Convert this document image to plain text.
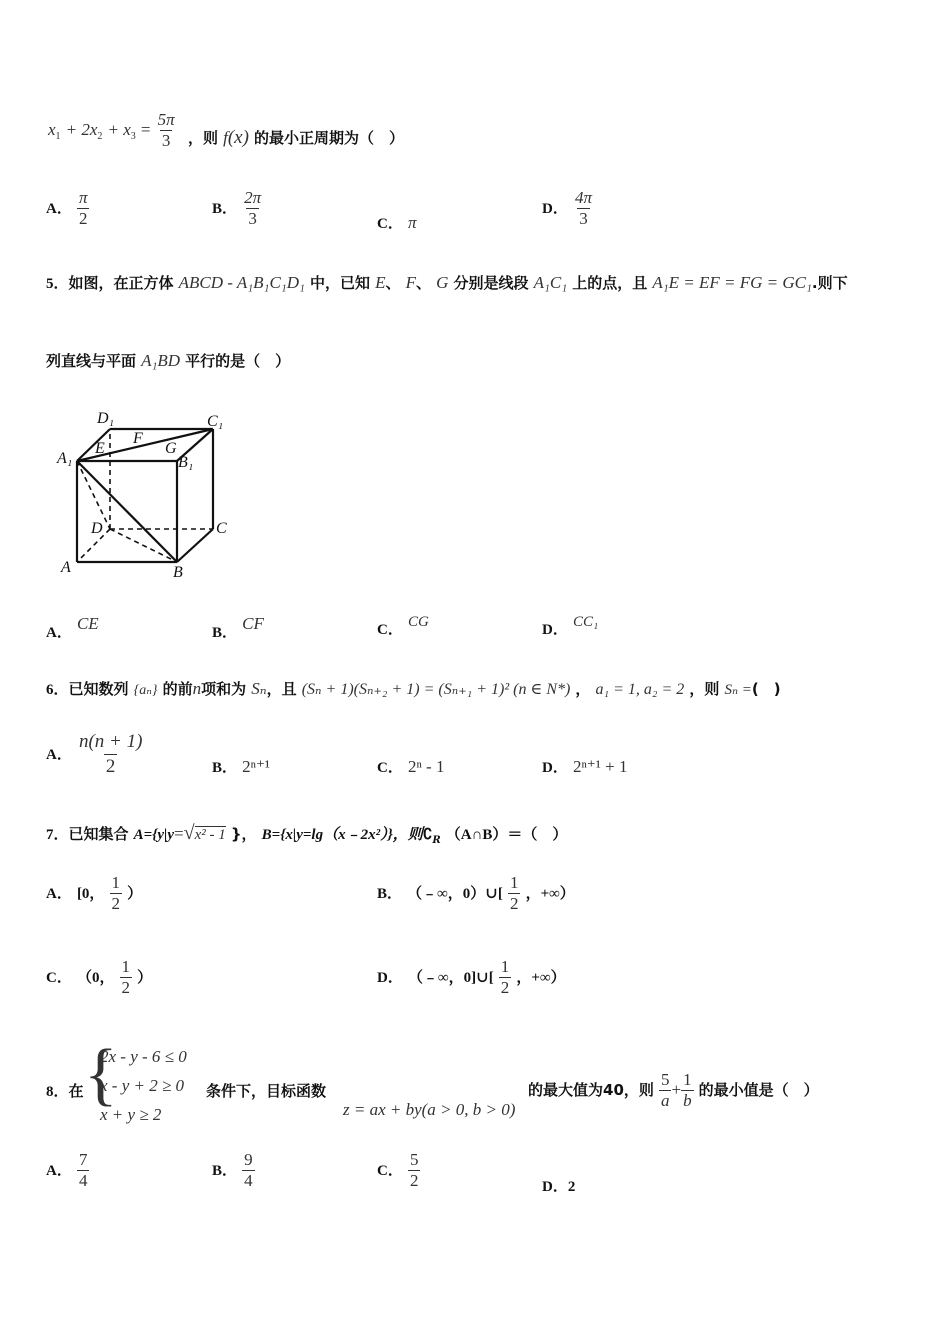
$x_1 + 2x_2 + x_3 = \frac{5\pi}{3}$ ，则 f(x) 的最小正周期为（　）
A． $\frac{\pi}{2}$	B． $\frac{2\pi}{3}$	C． π
D． $\frac{4\pi}{3}$
5．如图，在正方体 ABCD - A₁B₁C₁D₁ 中，已知 E、 F、 G 分别是线段 A₁C₁ 上的点，且 A₁E = EF = FG = GC₁.则下
列直线与平面 A₁BD 平行的是（　）
D₁	C₁
A₁
E
F
G
B₁
D	C
A	B
A． CE	B． CF	C． CG	D． CC₁
6．已知数列 {aₙ} 的前n项和为 Sₙ，且 (Sₙ + 1)(Sₙ₊₂ + 1) = (Sₙ₊₁ + 1)² (n ∈ N*) ， a₁ = 1, a₂ = 2 ，则 Sₙ =(　)
A． $\frac{n(n + 1)}{2}$	B． 2ⁿ⁺¹	C． 2ⁿ - 1	D． 2ⁿ⁺¹ + 1
7．已知集合 A={y|y=√x² - 1 }， B={x|y=lg（x﹣2x²）}，则$∁_R$ （A∩B）＝（　）
A． [0， $\frac{1}{2}$ ）	B． （﹣∞，0）∪[ $\frac{1}{2}$ ，+∞）
C． （0， $\frac{1}{2}$ ）	D． （﹣∞，0]∪[ $\frac{1}{2}$ ，+∞）
8．在 {
2x - y - 6 ≤ 0
x - y + 2 ≥ 0
x + y ≥ 2
条件下，目标函数
z = ax + by(a > 0, b > 0)
的最大值为40，则 $\frac{5}{a} + \frac{1}{b}$ 的最小值是（　）
A． $\frac{7}{4}$	B． $\frac{9}{4}$	C． $\frac{5}{2}$	D．2
